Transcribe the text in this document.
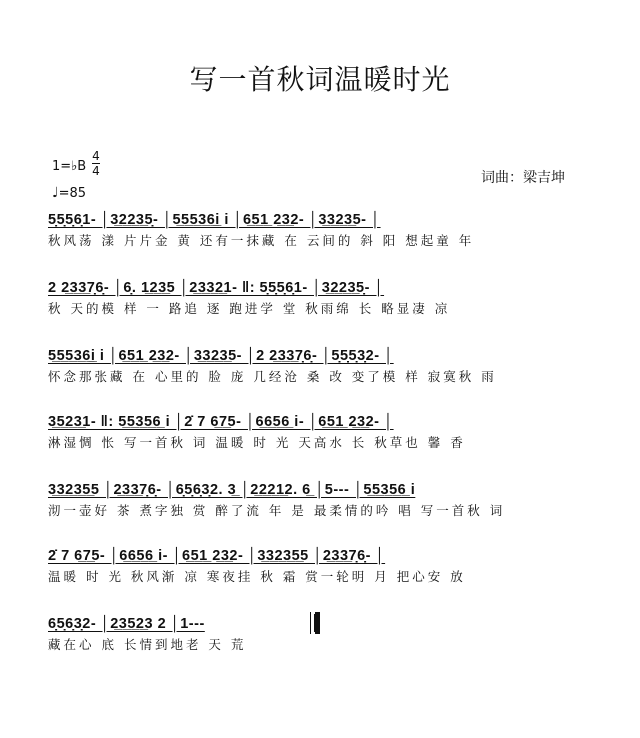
写一首秋词温暖时光
1=♭B
4
4
♩=85
词曲：梁吉坤
5̣5̣5̣6̣1‑ │3̲2̲2̲3̲5̣‑ │5̲5̲5̲3̲6̲i̲ i │6̲5̲1̲ 2̲3̲2‑ │3̲3̲2̲3̲5‑ │
秋风荡 漾 片片金 黄 还有一抹藏 在 云间的 斜 阳 想起童 年
2 2̲3̲3̲7̣6̣‑ │6̣. 1̲2̲3̲5 │2̲3̲3̲2̲1‑ ‖: 5̣5̣5̣6̣1‑ │3̲2̲2̲3̲5̣‑ │
秋 天的模 样 一 路追 逐 跑进学 堂 秋雨绵 长 略显凄 凉
5̲5̲5̲3̲6̲i̲ i │6̲5̲1̲ 2̲3̲2‑ │3̲3̲2̲3̲5‑ │2 2̲3̲3̲7̣6̣‑ │5̣5̣5̣3̣2‑ │
怀念那张藏 在 心里的 脸 庞 几经沧 桑 改 变了模 样 寂寞秋 雨
3̲5̲2̲3̲1‑ ‖: 5̲5̲3̲5̲6̲ i │2̇ 7 6̲7̲5‑ │6̲6̲5̲6̲ i‑ │6̲5̲1̲ 2̲3̲2‑ │
淋湿惆 怅 写一首秋 词 温暖 时 光 天高水 长 秋草也 馨 香
3̲3̲2̲3̲5̲5 │2̲3̲3̲7̣6̣‑ │6̣5̣6̣3̣2. 3̲ │2̲2̲2̲1̲2. 6̲ │5‑‑‑ │5̲5̲3̲5̲6̲ i
沏一壶好 茶 煮字独 赏 醉了流 年 是 最柔情的吟 唱 写一首秋 词
2̇ 7 6̲7̲5‑ │6̲6̲5̲6̲ i‑ │6̲5̲1̲ 2̲3̲2‑ │3̲3̲2̲3̲5̲5 │2̲3̲3̲7̣6̣‑ │
温暖 时 光 秋风渐 凉 寒夜挂 秋 霜 赏一轮明 月 把心安 放
6̣5̣6̣3̣2‑ │2̲3̲5̲2̲3 2 │1‑‑‑
藏在心 底 长情到地老 天 荒
